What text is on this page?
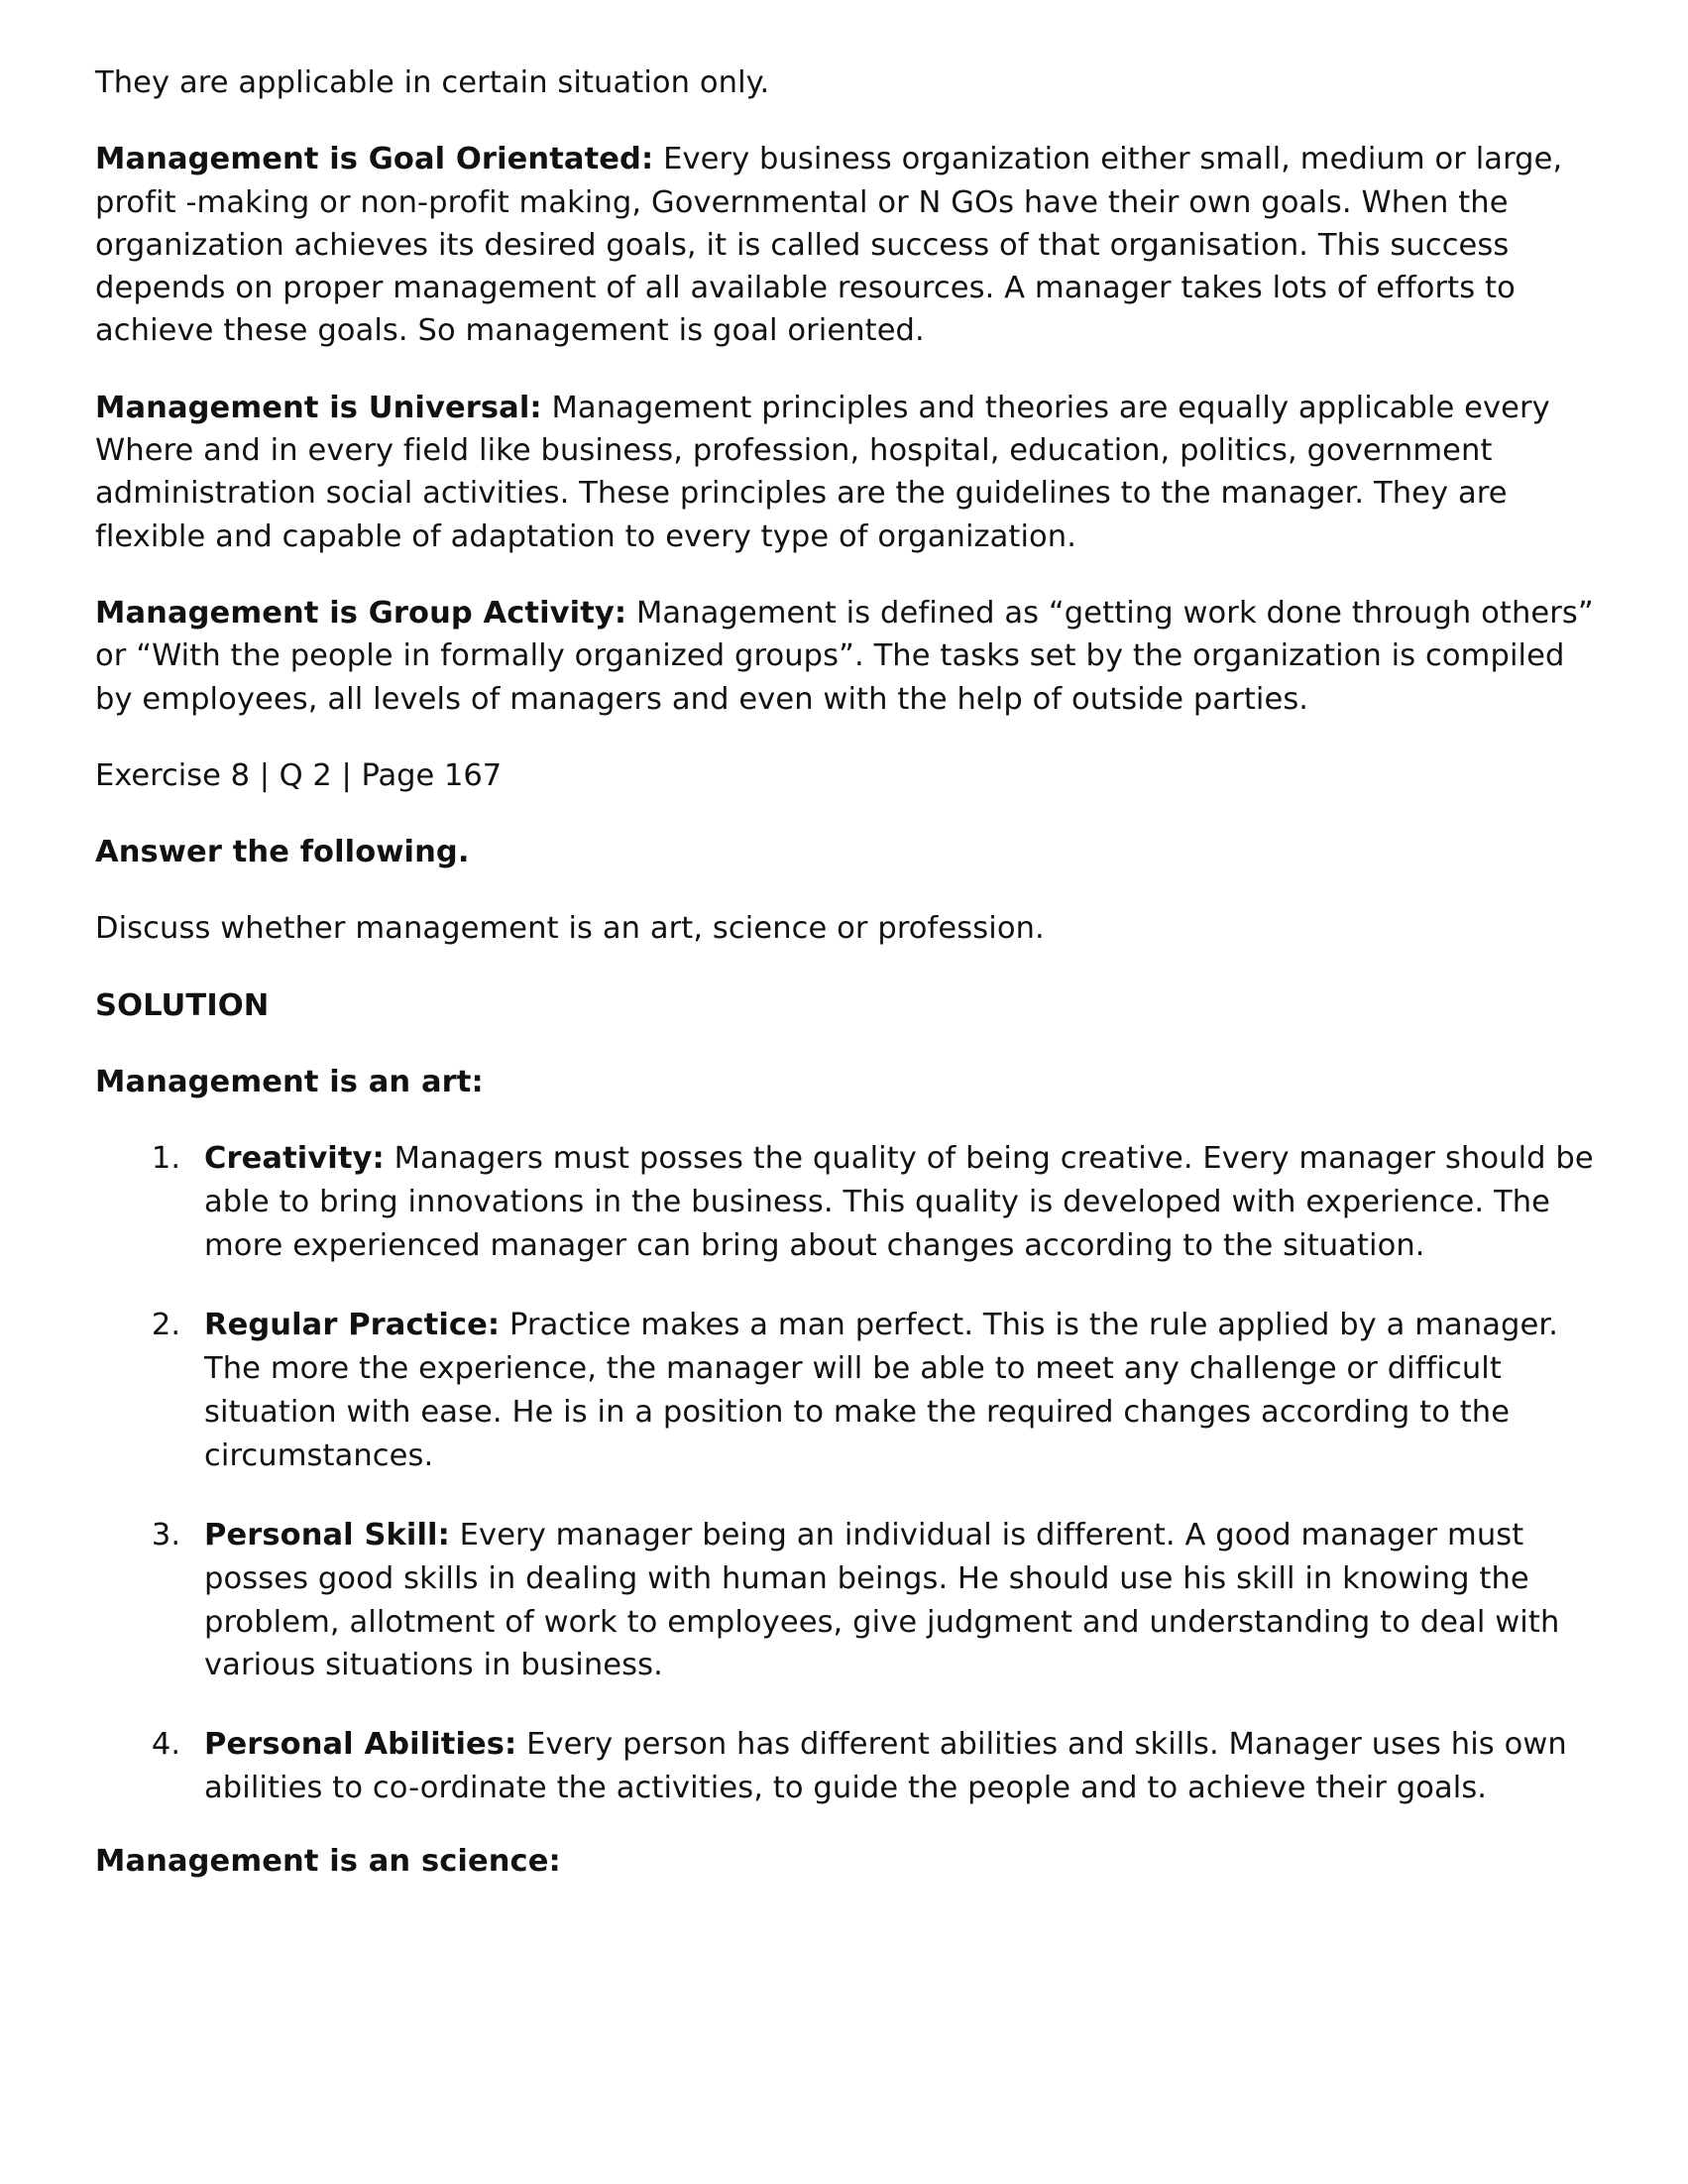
They are applicable in certain situation only.

Management is Goal Orientated: Every business organization either small, medium or large, profit -making or non-profit making, Governmental or N GOs have their own goals. When the organization achieves its desired goals, it is called success of that organisation. This success depends on proper management of all available resources. A manager takes lots of efforts to achieve these goals. So management is goal oriented.

Management is Universal: Management principles and theories are equally applicable every Where and in every field like business, profession, hospital, education, politics, government administration social activities. These principles are the guidelines to the manager. They are flexible and capable of adaptation to every type of organization.

Management is Group Activity: Management is defined as “getting work done through others” or “With the people in formally organized groups”. The tasks set by the organization is compiled by employees, all levels of managers and even with the help of outside parties.

Exercise 8 | Q 2 | Page 167

Answer the following.

Discuss whether management is an art, science or profession.

SOLUTION
Management is an art:
1. Creativity: Managers must posses the quality of being creative. Every manager should be able to bring innovations in the business. This quality is developed with experience. The more experienced manager can bring about changes according to the situation.
2. Regular Practice: Practice makes a man perfect. This is the rule applied by a manager. The more the experience, the manager will be able to meet any challenge or difficult situation with ease. He is in a position to make the required changes according to the circumstances.
3. Personal Skill: Every manager being an individual is different. A good manager must posses good skills in dealing with human beings. He should use his skill in knowing the problem, allotment of work to employees, give judgment and understanding to deal with various situations in business.
4. Personal Abilities: Every person has different abilities and skills. Manager uses his own abilities to co-ordinate the activities, to guide the people and to achieve their goals.
Management is an science:
